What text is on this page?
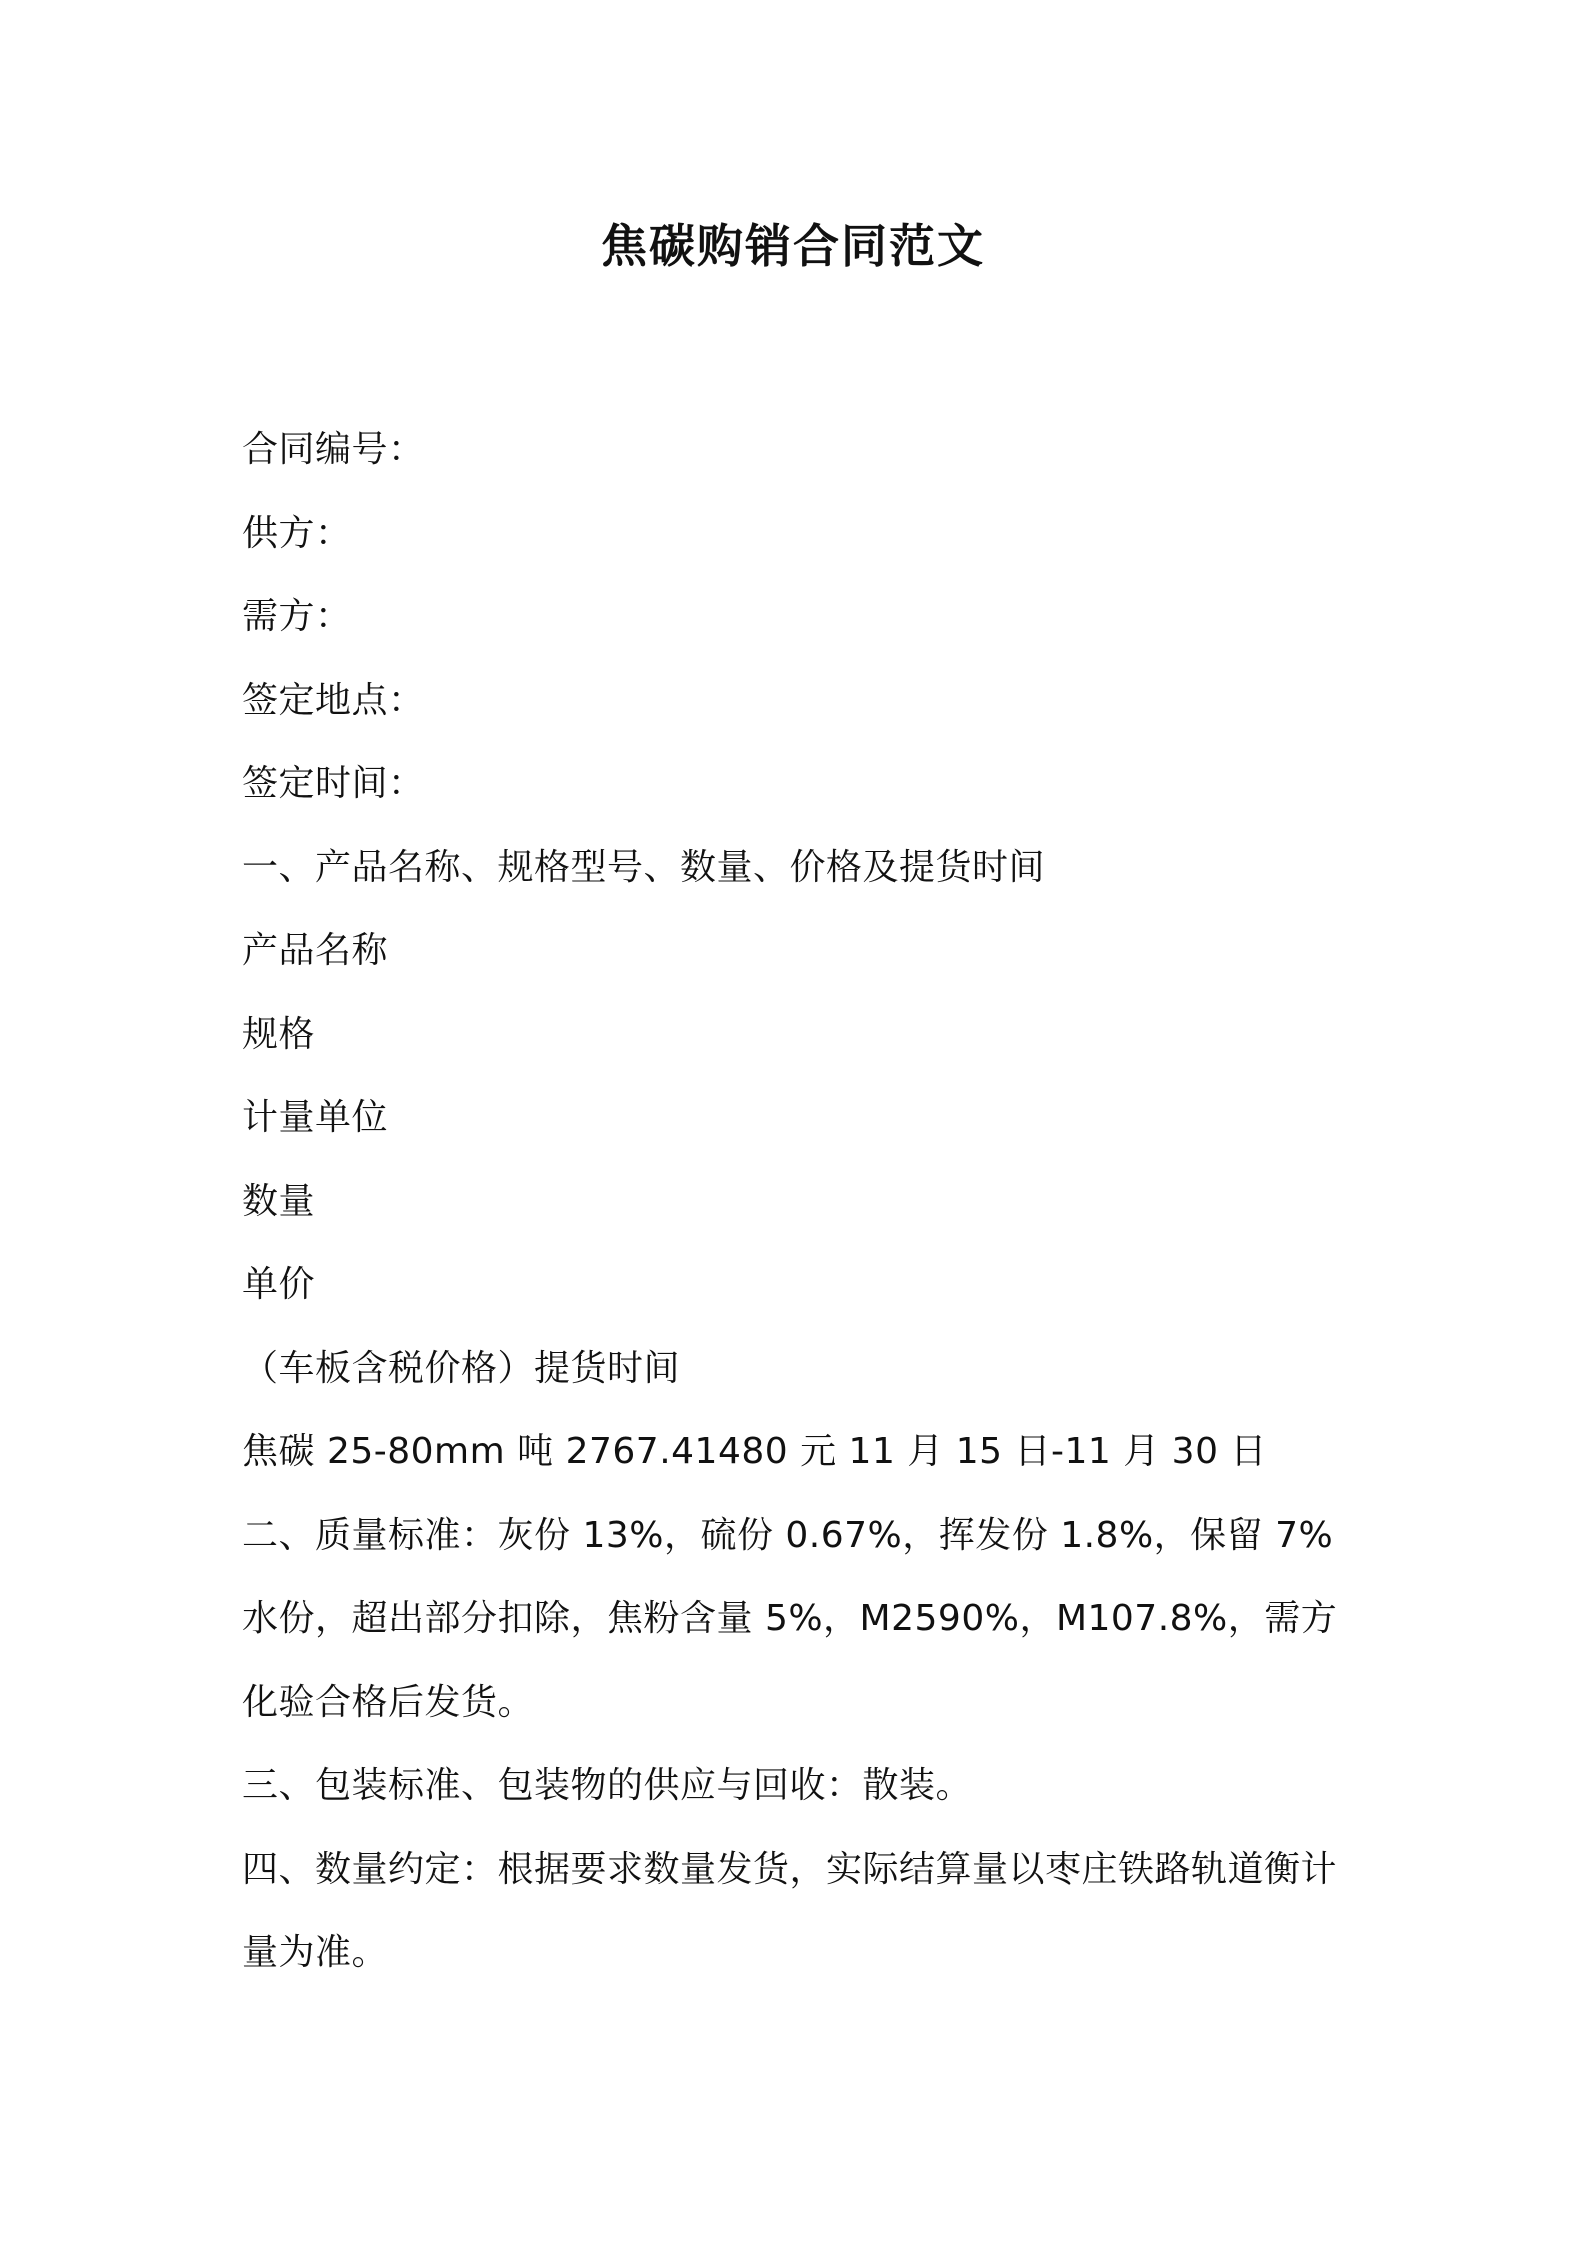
焦碳购销合同范文
合同编号：
供方：
需方：
签定地点：
签定时间：
一、产品名称、规格型号、数量、价格及提货时间
产品名称
规格
计量单位
数量
单价
（车板含税价格）提货时间
焦碳 25-80mm 吨 2767.41480 元 11 月 15 日-11 月 30 日
二、质量标准：灰份 13%，硫份 0.67%，挥发份 1.8%，保留 7%水份，超出部分扣除，焦粉含量 5%，M2590%，M107.8%，需方化验合格后发货。
三、包装标准、包装物的供应与回收：散装。
四、数量约定：根据要求数量发货，实际结算量以枣庄铁路轨道衡计量为准。
